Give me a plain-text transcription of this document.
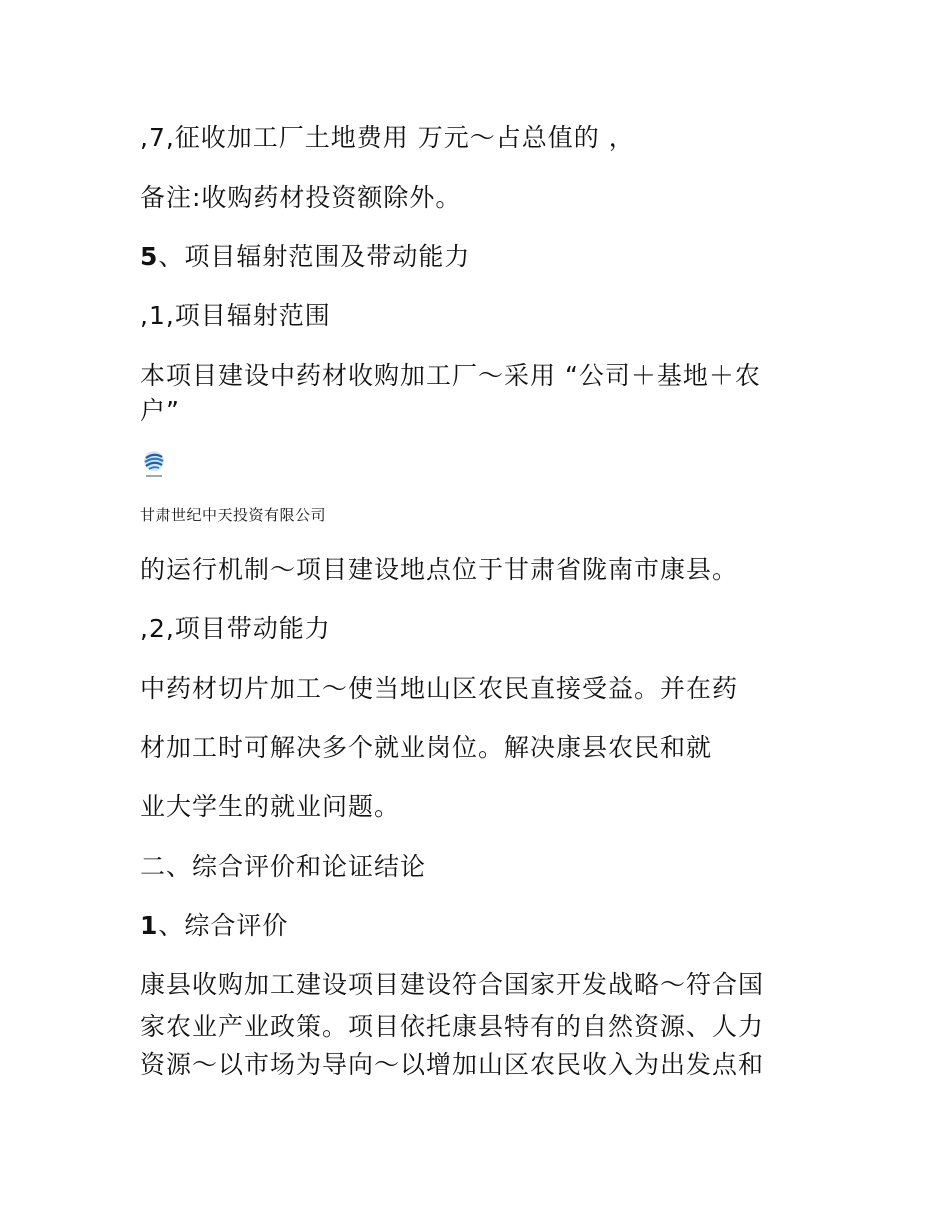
,7,征收加工厂土地费用 万元～占总值的 ，
备注:收购药材投资额除外。
5、项目辐射范围及带动能力
,1,项目辐射范围
本项目建设中药材收购加工厂～采用 “公司＋基地＋农
户”
甘肃世纪中天投资有限公司
的运行机制～项目建设地点位于甘肃省陇南市康县。
,2,项目带动能力
中药材切片加工～使当地山区农民直接受益。并在药
材加工时可解决多个就业岗位。解决康县农民和就
业大学生的就业问题。
二、综合评价和论证结论
1、综合评价
康县收购加工建设项目建设符合国家开发战略～符合国
家农业产业政策。项目依托康县特有的自然资源、人力
资源～以市场为导向～以增加山区农民收入为出发点和
